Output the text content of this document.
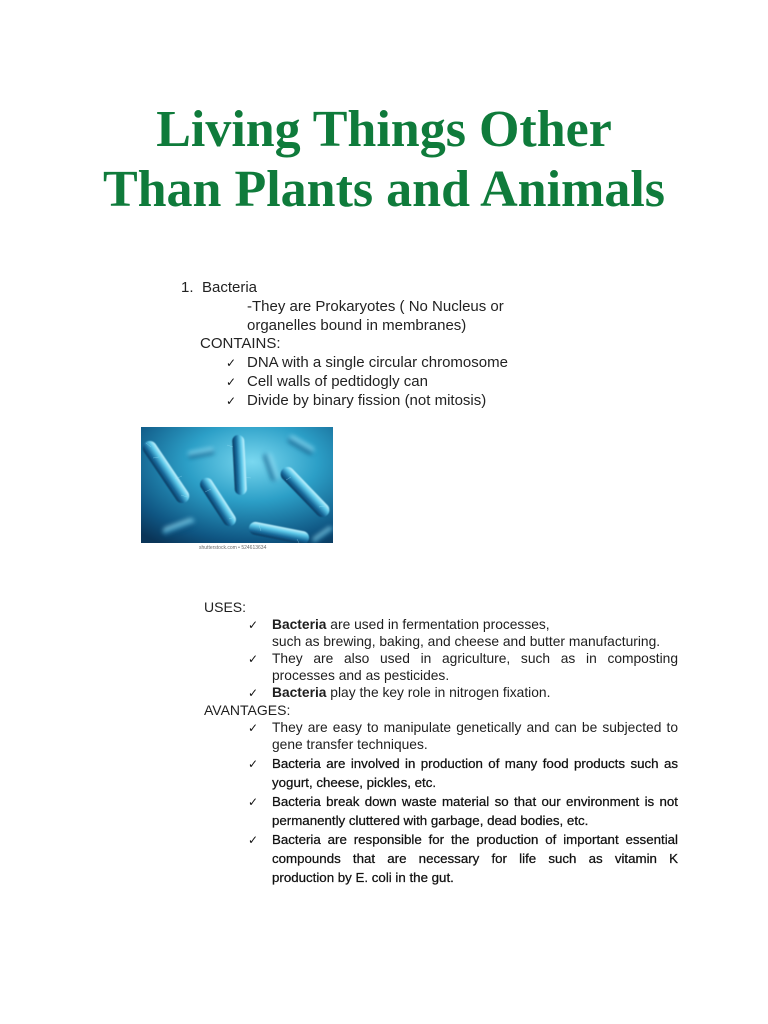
Living Things Other
Than Plants and Animals
1. Bacteria
-They are Prokaryotes ( No Nucleus or
organelles bound in membranes)
CONTAINS:
✓
DNA with a single circular chromosome
✓
Cell walls of pedtidogly can
✓
Divide by binary fission (not mitosis)
shutterstock.com • 524613634
USES:
✓
Bacteria are used in fermentation processes,
such as brewing, baking, and cheese and butter manufacturing.
✓
They are also used in agriculture, such as in composting
processes and as pesticides.
✓
Bacteria play the key role in nitrogen fixation.
AVANTAGES:
✓
They are easy to manipulate genetically and can be subjected to
gene transfer techniques.
✓
Bacteria are involved in production of many food products such as
yogurt, cheese, pickles, etc.
✓
Bacteria break down waste material so that our environment is not
permanently cluttered with garbage, dead bodies, etc.
✓
Bacteria are responsible for the production of important essential
compounds that are necessary for life such as vitamin K
production by E. coli in the gut.
